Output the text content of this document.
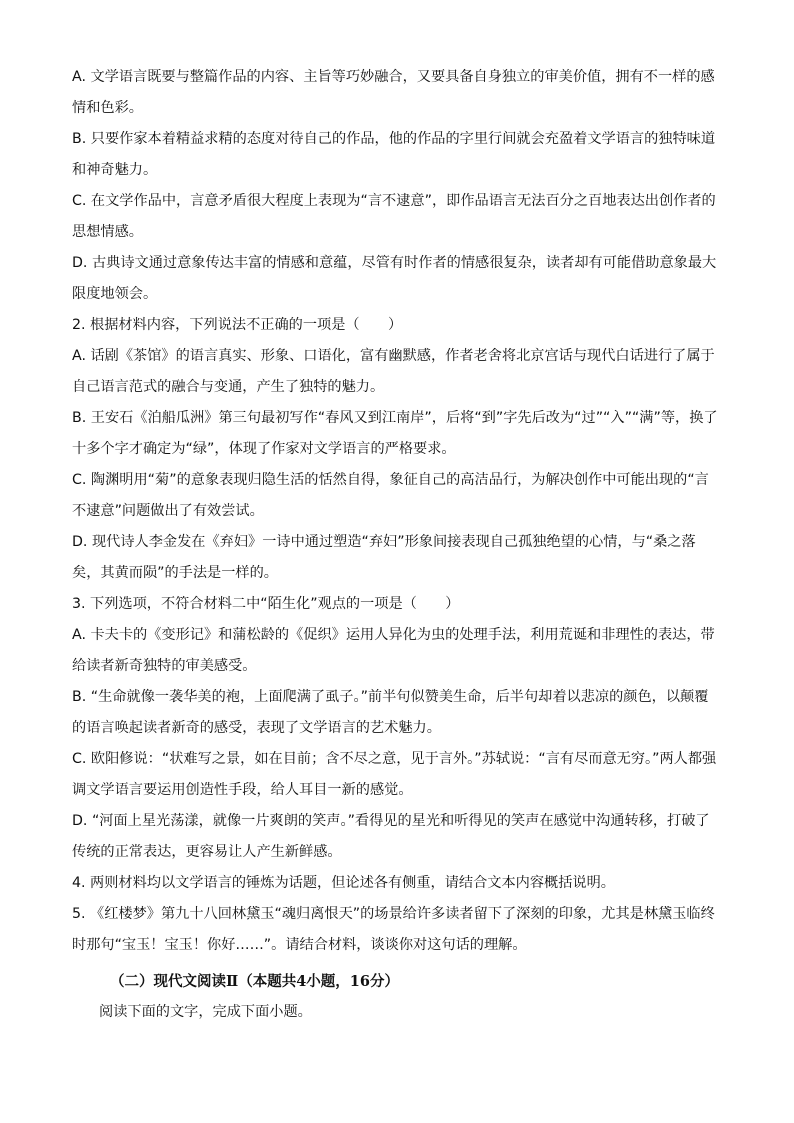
A. 文学语言既要与整篇作品的内容、主旨等巧妙融合，又要具备自身独立的审美价值，拥有不一样的感情和色彩。

B. 只要作家本着精益求精的态度对待自己的作品，他的作品的字里行间就会充盈着文学语言的独特味道和神奇魅力。

C. 在文学作品中，言意矛盾很大程度上表现为“言不逮意”，即作品语言无法百分之百地表达出创作者的思想情感。

D. 古典诗文通过意象传达丰富的情感和意蕴，尽管有时作者的情感很复杂，读者却有可能借助意象最大限度地领会。

2. 根据材料内容，下列说法不正确的一项是（　　）

A. 话剧《茶馆》的语言真实、形象、口语化，富有幽默感，作者老舍将北京宫话与现代白话进行了属于自己语言范式的融合与变通，产生了独特的魅力。

B. 王安石《泊船瓜洲》第三句最初写作“春风又到江南岸”，后将“到”字先后改为“过”“入”“满”等，换了十多个字才确定为“绿”，体现了作家对文学语言的严格要求。

C. 陶渊明用“菊”的意象表现归隐生活的恬然自得，象征自己的高洁品行，为解决创作中可能出现的“言不逮意”问题做出了有效尝试。

D. 现代诗人李金发在《弃妇》一诗中通过塑造“弃妇”形象间接表现自己孤独绝望的心情，与“桑之落矣，其黄而陨”的手法是一样的。

3. 下列选项，不符合材料二中“陌生化”观点的一项是（　　）

A. 卡夫卡的《变形记》和蒲松龄的《促织》运用人异化为虫的处理手法，利用荒诞和非理性的表达，带给读者新奇独特的审美感受。

B. “生命就像一袭华美的袍，上面爬满了虱子。”前半句似赞美生命，后半句却着以悲凉的颜色，以颠覆的语言唤起读者新奇的感受，表现了文学语言的艺术魅力。

C. 欧阳修说：“状难写之景，如在目前；含不尽之意，见于言外。”苏轼说：“言有尽而意无穷。”两人都强调文学语言要运用创造性手段，给人耳目一新的感觉。

D. “河面上星光荡漾，就像一片爽朗的笑声。”看得见的星光和听得见的笑声在感觉中沟通转移，打破了传统的正常表达，更容易让人产生新鲜感。

4. 两则材料均以文学语言的锤炼为话题，但论述各有侧重，请结合文本内容概括说明。

5. 《红楼梦》第九十八回林黛玉“魂归离恨天”的场景给许多读者留下了深刻的印象，尤其是林黛玉临终时那句“宝玉！宝玉！你好……”。请结合材料，谈谈你对这句话的理解。

（二）现代文阅读Ⅱ（本题共4小题，16分）

阅读下面的文字，完成下面小题。
